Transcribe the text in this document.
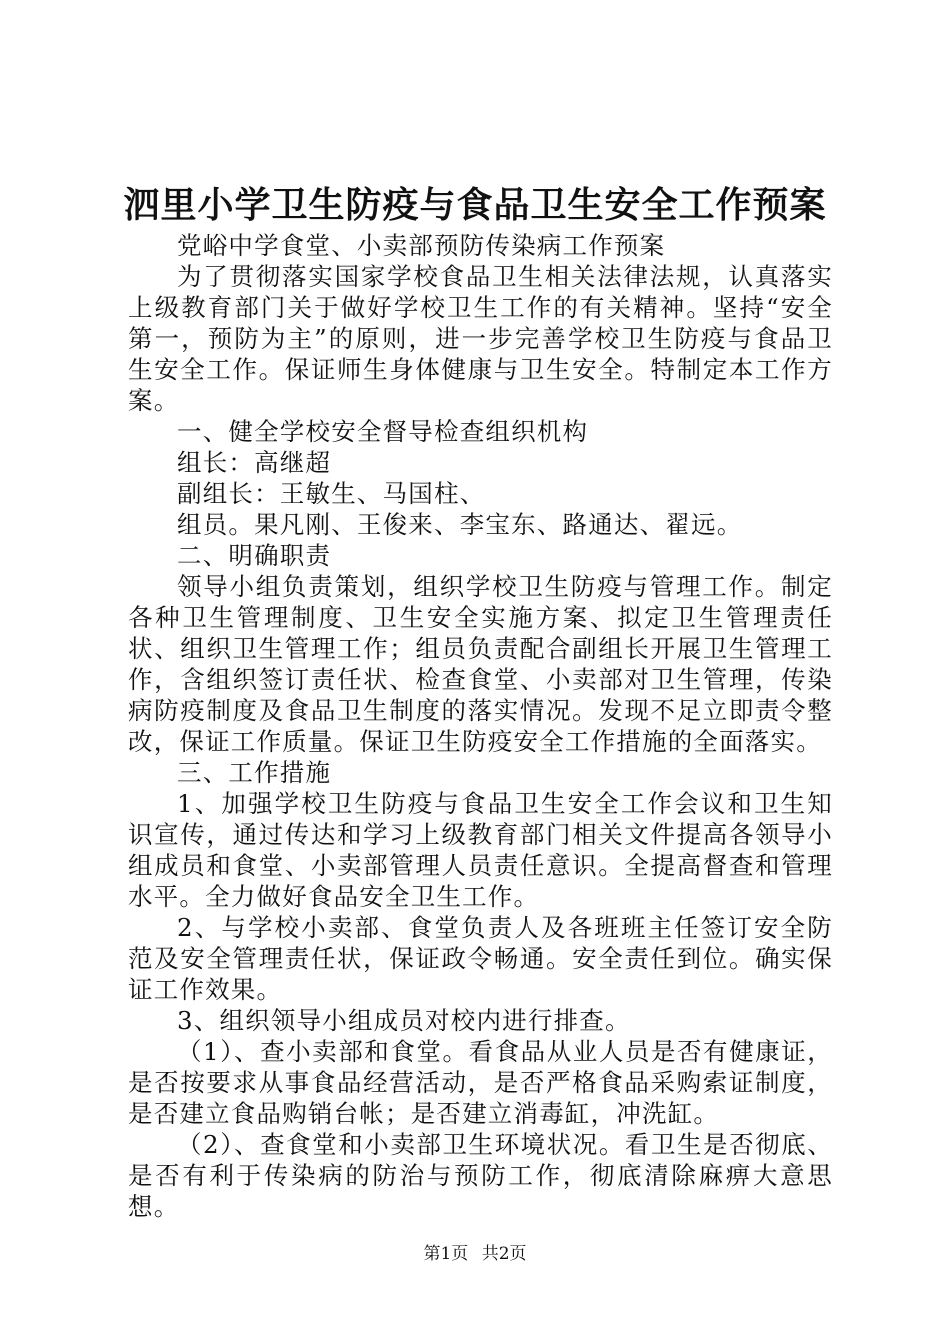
泗里小学卫生防疫与食品卫生安全工作预案

党峪中学食堂、小卖部预防传染病工作预案

为了贯彻落实国家学校食品卫生相关法律法规，认真落实上级教育部门关于做好学校卫生工作的有关精神。坚持“安全第一，预防为主”的原则，进一步完善学校卫生防疫与食品卫生安全工作。保证师生身体健康与卫生安全。特制定本工作方案。

一、健全学校安全督导检查组织机构

组长：高继超

副组长：王敏生、马国柱、

组员。果凡刚、王俊来、李宝东、路通达、翟远。

二、明确职责

领导小组负责策划，组织学校卫生防疫与管理工作。制定各种卫生管理制度、卫生安全实施方案、拟定卫生管理责任状、组织卫生管理工作；组员负责配合副组长开展卫生管理工作，含组织签订责任状、检查食堂、小卖部对卫生管理，传染病防疫制度及食品卫生制度的落实情况。发现不足立即责令整改，保证工作质量。保证卫生防疫安全工作措施的全面落实。

三、工作措施

1、加强学校卫生防疫与食品卫生安全工作会议和卫生知识宣传，通过传达和学习上级教育部门相关文件提高各领导小组成员和食堂、小卖部管理人员责任意识。全提高督查和管理水平。全力做好食品安全卫生工作。

2、与学校小卖部、食堂负责人及各班班主任签订安全防范及安全管理责任状，保证政令畅通。安全责任到位。确实保证工作效果。

3、组织领导小组成员对校内进行排查。

（1）、查小卖部和食堂。看食品从业人员是否有健康证，是否按要求从事食品经营活动，是否严格食品采购索证制度，是否建立食品购销台帐；是否建立消毒缸，冲洗缸。

（2）、查食堂和小卖部卫生环境状况。看卫生是否彻底、是否有利于传染病的防治与预防工作，彻底清除麻痹大意思想。

第1页 共2页
